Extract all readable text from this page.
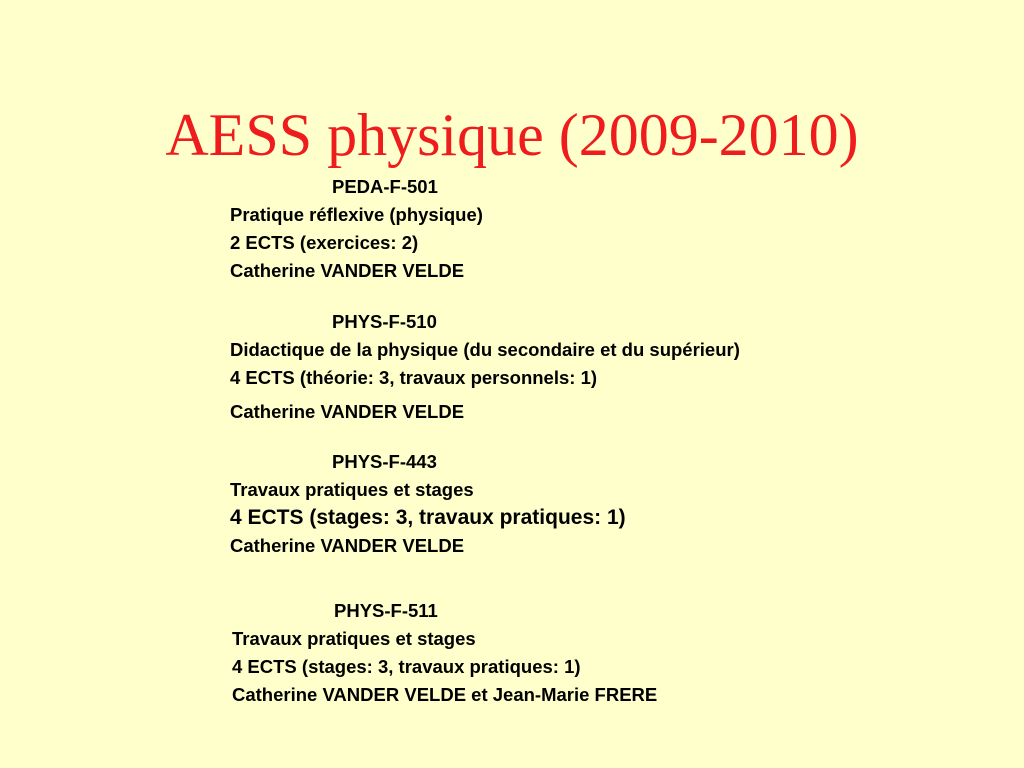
AESS physique (2009-2010)
PEDA-F-501
Pratique réflexive (physique)
2 ECTS (exercices: 2)
Catherine VANDER VELDE
PHYS-F-510
Didactique de la physique (du secondaire et du supérieur)
4 ECTS (théorie: 3, travaux personnels: 1)
Catherine VANDER VELDE
PHYS-F-443
Travaux pratiques et stages
4 ECTS (stages: 3, travaux pratiques: 1)
Catherine VANDER VELDE
PHYS-F-511
Travaux pratiques et stages
4 ECTS (stages: 3, travaux pratiques: 1)
Catherine VANDER VELDE et Jean-Marie FRERE
